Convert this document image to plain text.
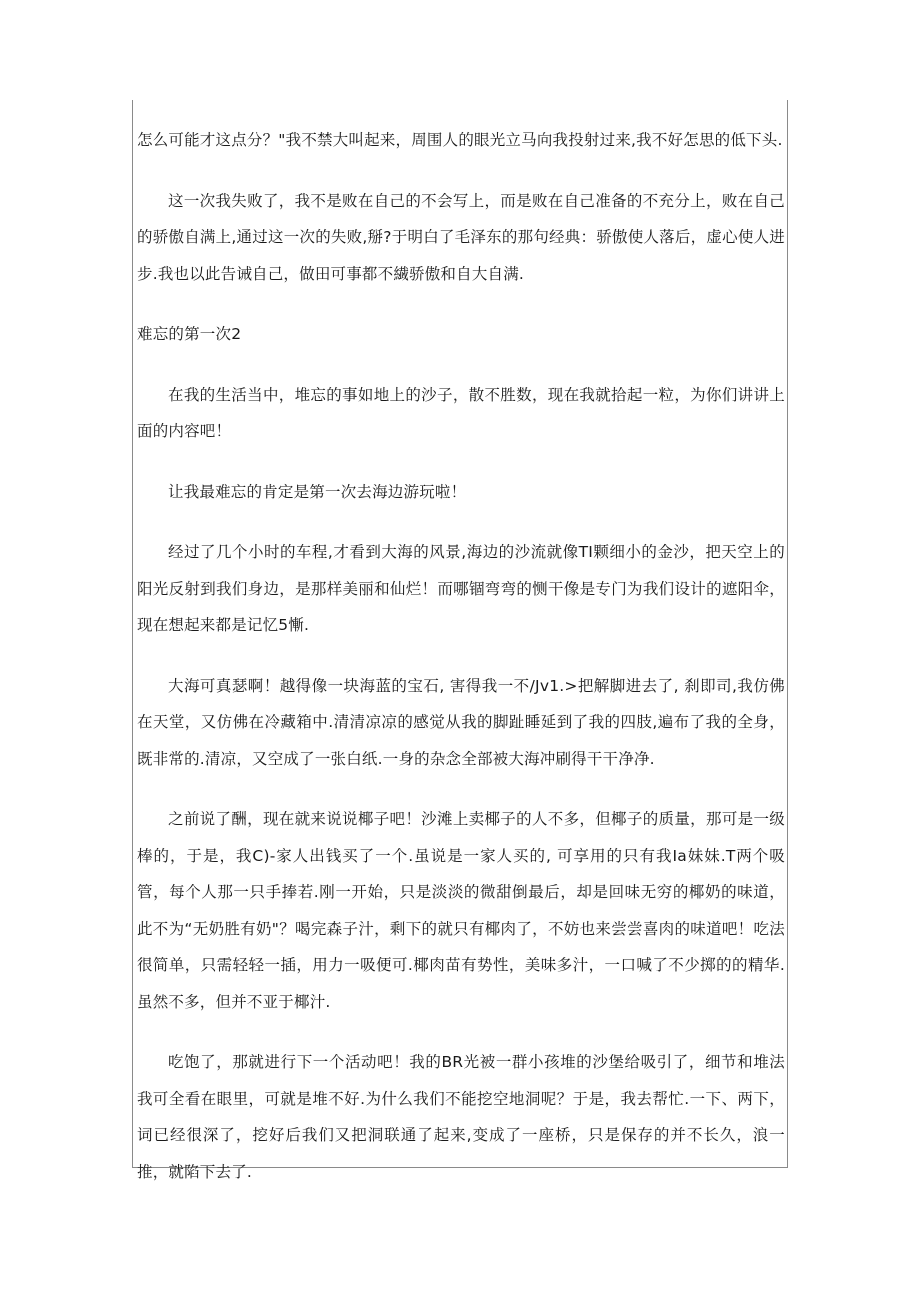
怎么可能才这点分？"我不禁大叫起来，周围人的眼光立马向我投射过来,我不好怎思的低下头.

这一次我失败了，我不是败在自己的不会写上，而是败在自己准备的不充分上，败在自己的骄傲自满上,通过这一次的失败,掰?于明白了毛泽东的那句经典：骄傲使人落后，虚心使人进步.我也以此告诫自己，做田可事都不繊骄傲和自大自满.

难忘的第一次2

在我的生活当中，堆忘的事如地上的沙子，散不胜数，现在我就拾起一粒，为你们讲讲上面的内容吧！

让我最难忘的肯定是第一次去海边游玩啦！

经过了几个小时的车程,才看到大海的风景,海边的沙流就像TI颗细小的金沙，把天空上的阳光反射到我们身边，是那样美丽和仙烂！而哪锢弯弯的恻干像是专门为我们设计的遮阳伞，现在想起来都是记忆5慚.

大海可真瑟啊！越得像一块海蓝的宝石, 害得我一不/Jv1.>把解脚进去了, 刹即司,我仿佛在天堂，又仿佛在冷藏箱中.清清凉凉的感觉从我的脚趾睡延到了我的四肢,遍布了我的全身，既非常的.清凉，又空成了一张白纸.一身的杂念全部被大海冲刷得干干净净.

之前说了酬，现在就来说说椰子吧！沙滩上卖椰子的人不多，但椰子的质量，那可是一级棒的，于是，我C)-家人出钱买了一个.虽说是一家人买的, 可享用的只有我Ia妹妹.T两个吸管，每个人那一只手捧若.刚一开始，只是淡淡的微甜倒最后，却是回味无穷的椰奶的味道，此不为“无奶胜有奶"？喝完森子汁，剩下的就只有椰肉了，不妨也来尝尝喜肉的味道吧！吃法很简单，只需轻轻一插，用力一吸便可.椰肉苗有势性，美味多汁，一口喊了不少掷的的精华.虽然不多，但并不亚于椰汁.

吃饱了，那就进行下一个活动吧！我的BR光被一群小孩堆的沙堡给吸引了，细节和堆法我可全看在眼里，可就是堆不好.为什么我们不能挖空地洞呢？于是，我去帮忙.一下、两下，词已经很深了，挖好后我们又把洞联通了起来,变成了一座桥，只是保存的并不长久，浪一推，就陷下去了.
